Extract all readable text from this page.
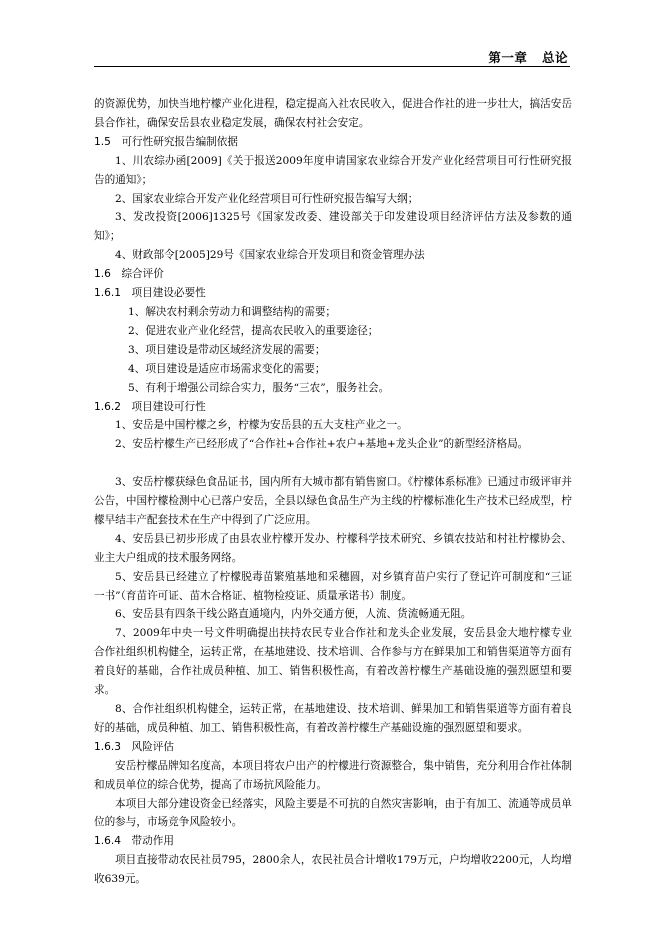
第一章 总论

的资源优势，加快当地柠檬产业化进程，稳定提高入社农民收入，促进合作社的进一步壮大，搞活安岳县合作社，确保安岳县农业稳定发展，确保农村社会安定。

1.5　可行性研究报告编制依据

1、川农综办函[2009]《关于报送2009年度申请国家农业综合开发产业化经营项目可行性研究报告的通知》；

2、国家农业综合开发产业化经营项目可行性研究报告编写大纲；

3、发改投资[2006]1325号《国家发改委、建设部关于印发建设项目经济评估方法及参数的通知》；

4、财政部令[2005]29号《国家农业综合开发项目和资金管理办法

1.6　综合评价

1.6.1　项目建设必要性

1、解决农村剩余劳动力和调整结构的需要；

2、促进农业产业化经营，提高农民收入的重要途径；

3、项目建设是带动区域经济发展的需要；

4、项目建设是适应市场需求变化的需要；

5、有利于增强公司综合实力，服务“三农”，服务社会。

1.6.2　项目建设可行性

1、安岳是中国柠檬之乡，柠檬为安岳县的五大支柱产业之一。

2、安岳柠檬生产已经形成了“合作社+合作社+农户+基地+龙头企业”的新型经济格局。

3、安岳柠檬获绿色食品证书，国内所有大城市都有销售窗口。《柠檬体系标准》已通过市级评审并公告，中国柠檬检测中心已落户安岳，全县以绿色食品生产为主线的柠檬标准化生产技术已经成型，柠檬早结丰产配套技术在生产中得到了广泛应用。

4、安岳县已初步形成了由县农业柠檬开发办、柠檬科学技术研究、乡镇农技站和村社柠檬协会、业主大户组成的技术服务网络。

5、安岳县已经建立了柠檬脱毒苗繁殖基地和采穗圆，对乡镇育苗户实行了登记许可制度和“三证一书”（育苗许可证、苗木合格证、植物检疫证、质量承诺书）制度。

6、安岳县有四条干线公路直通境内，内外交通方便，人流、货流畅通无阻。

7、2009年中央一号文件明确提出扶持农民专业合作社和龙头企业发展，安岳县金大地柠檬专业合作社组织机构健全，运转正常，在基地建设、技术培训、合作参与方在鲜果加工和销售渠道等方面有着良好的基础，合作社成员种植、加工、销售积极性高，有着改善柠檬生产基础设施的强烈愿望和要求。

8、合作社组织机构健全，运转正常，在基地建设、技术培训、鲜果加工和销售渠道等方面有着良好的基础，成员种植、加工、销售积极性高，有着改善柠檬生产基础设施的强烈愿望和要求。

1.6.3　风险评估

安岳柠檬品牌知名度高，本项目将农户出产的柠檬进行资源整合，集中销售，充分利用合作社体制和成员单位的综合优势，提高了市场抗风险能力。

本项目大部分建设资金已经落实，风险主要是不可抗的自然灾害影响，由于有加工、流通等成员单位的参与，市场竞争风险较小。

1.6.4　带动作用

项目直接带动农民社员795，2800余人，农民社员合计增收179万元，户均增收2200元，人均增收639元。
